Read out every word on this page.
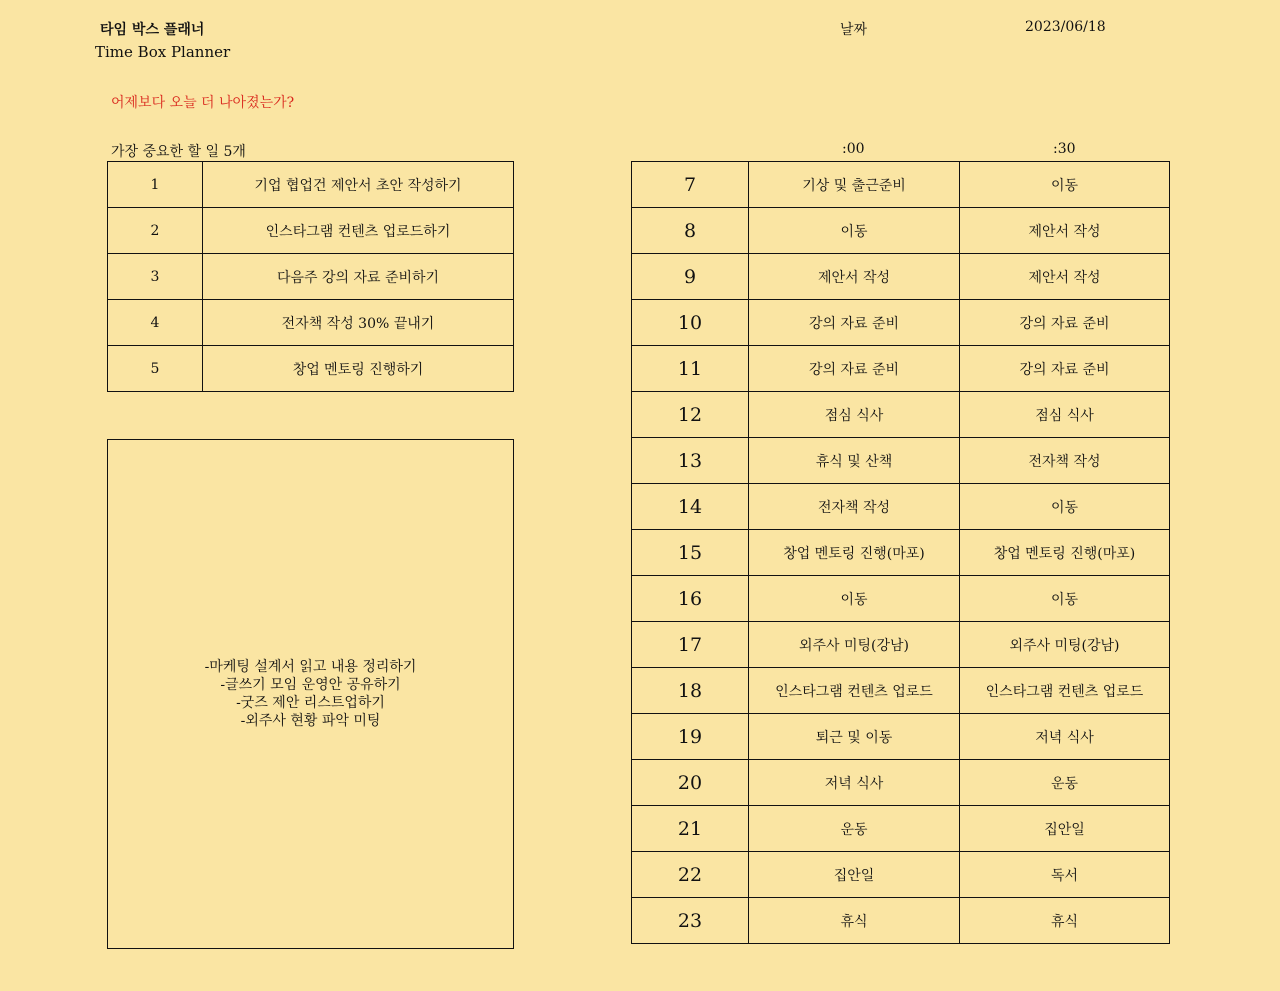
타임 박스 플래너
Time Box Planner
날짜	2023/06/18
어제보다 오늘 더 나아졌는가?
가장 중요한 할 일 5개	:00	:30
1	기업 협업건 제안서 초안 작성하기
2	인스타그램 컨텐츠 업로드하기
3	다음주 강의 자료 준비하기
4	전자책 작성 30% 끝내기
5	창업 멘토링 진행하기
-마케팅 설계서 읽고 내용 정리하기
-글쓰기 모임 운영안 공유하기
-굿즈 제안 리스트업하기
-외주사 현황 파악 미팅
7	기상 및 출근준비	이동
8	이동	제안서 작성
9	제안서 작성	제안서 작성
10	강의 자료 준비	강의 자료 준비
11	강의 자료 준비	강의 자료 준비
12	점심 식사	점심 식사
13	휴식 및 산책	전자책 작성
14	전자책 작성	이동
15	창업 멘토링 진행(마포)	창업 멘토링 진행(마포)
16	이동	이동
17	외주사 미팅(강남)	외주사 미팅(강남)
18	인스타그램 컨텐츠 업로드	인스타그램 컨텐츠 업로드
19	퇴근 및 이동	저녁 식사
20	저녁 식사	운동
21	운동	집안일
22	집안일	독서
23	휴식	휴식
